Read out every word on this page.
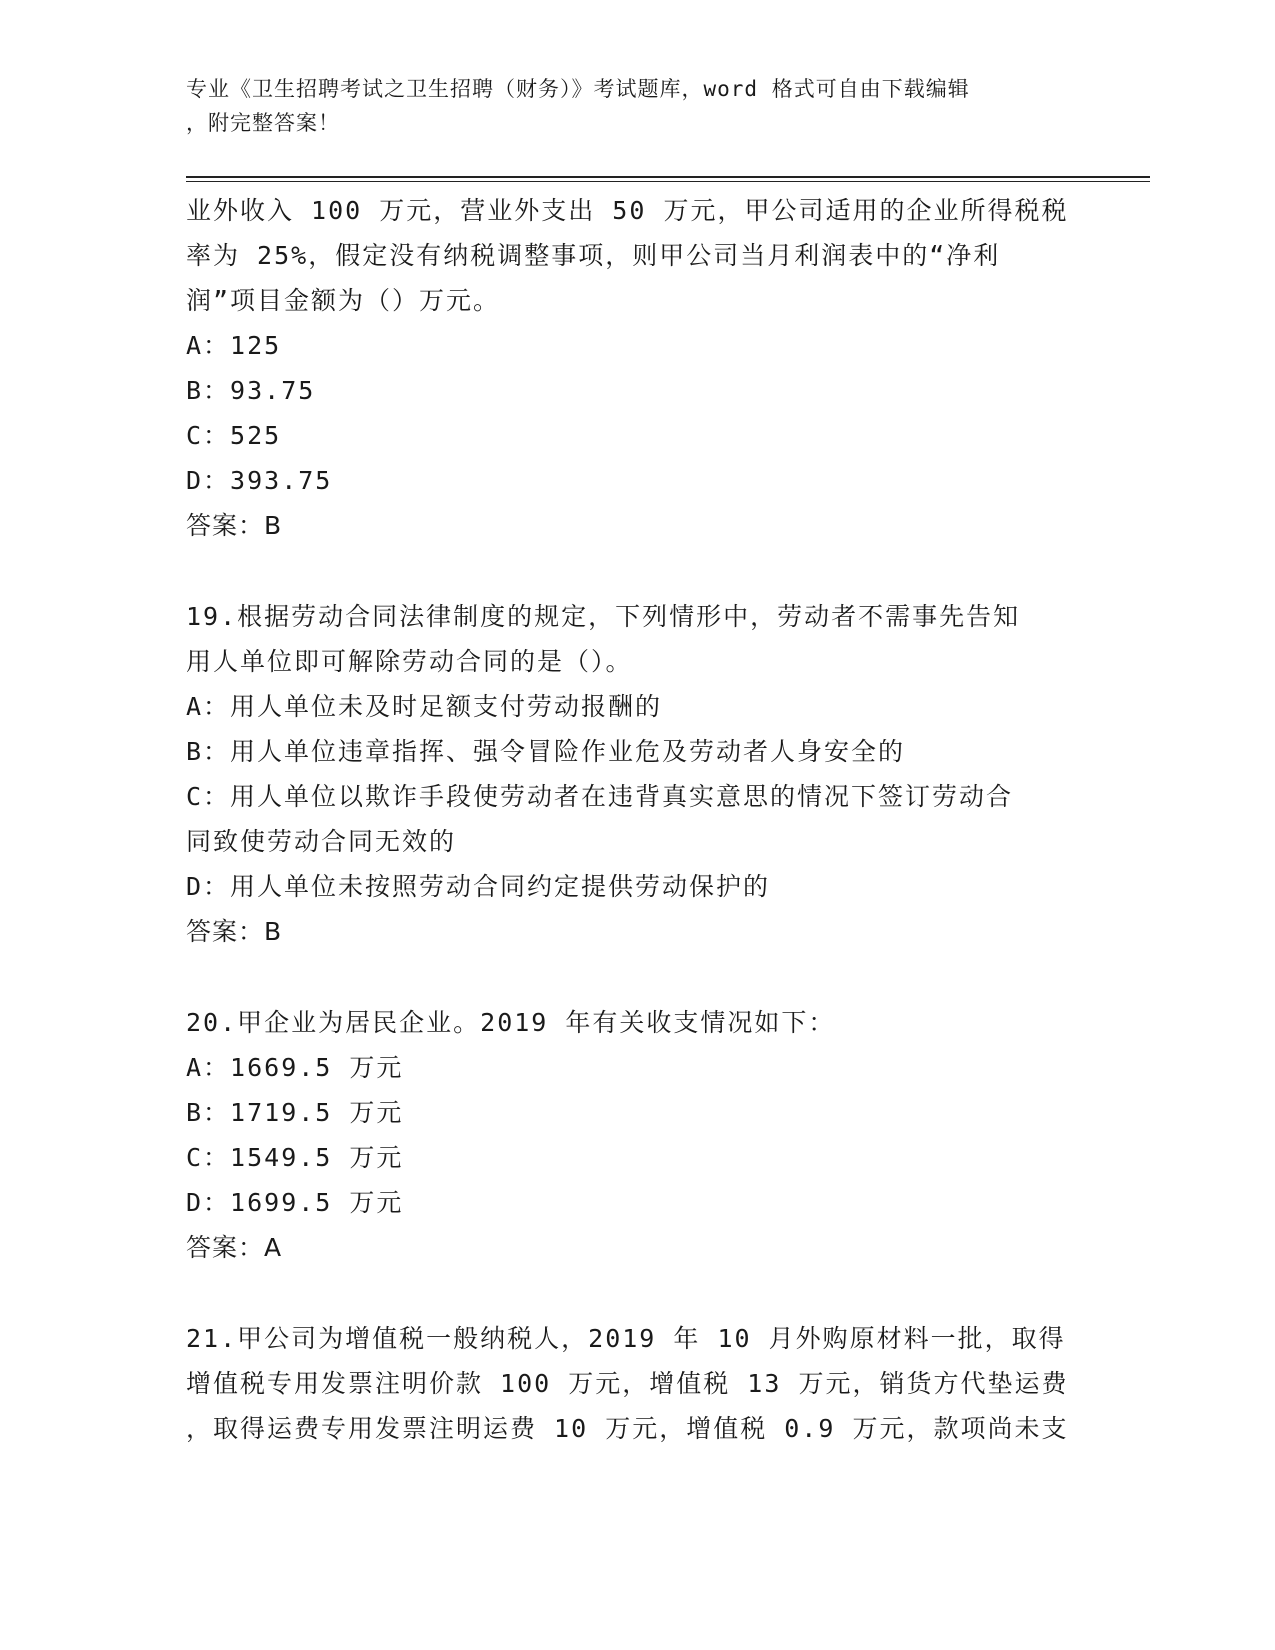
专业《卫生招聘考试之卫生招聘（财务）》考试题库，word 格式可自由下载编辑
，附完整答案！
业外收入 100 万元，营业外支出 50 万元，甲公司适用的企业所得税税
率为 25%，假定没有纳税调整事项，则甲公司当月利润表中的“净利
润”项目金额为（）万元。
A：125
B：93.75
C：525
D：393.75
答案：B
19.根据劳动合同法律制度的规定，下列情形中，劳动者不需事先告知
用人单位即可解除劳动合同的是（）。
A：用人单位未及时足额支付劳动报酬的
B：用人单位违章指挥、强令冒险作业危及劳动者人身安全的
C：用人单位以欺诈手段使劳动者在违背真实意思的情况下签订劳动合
同致使劳动合同无效的
D：用人单位未按照劳动合同约定提供劳动保护的
答案：B
20.甲企业为居民企业。2019 年有关收支情况如下：
A：1669.5 万元
B：1719.5 万元
C：1549.5 万元
D：1699.5 万元
答案：A
21.甲公司为增值税一般纳税人，2019 年 10 月外购原材料一批，取得
增值税专用发票注明价款 100 万元，增值税 13 万元，销货方代垫运费
，取得运费专用发票注明运费 10 万元，增值税 0.9 万元，款项尚未支
